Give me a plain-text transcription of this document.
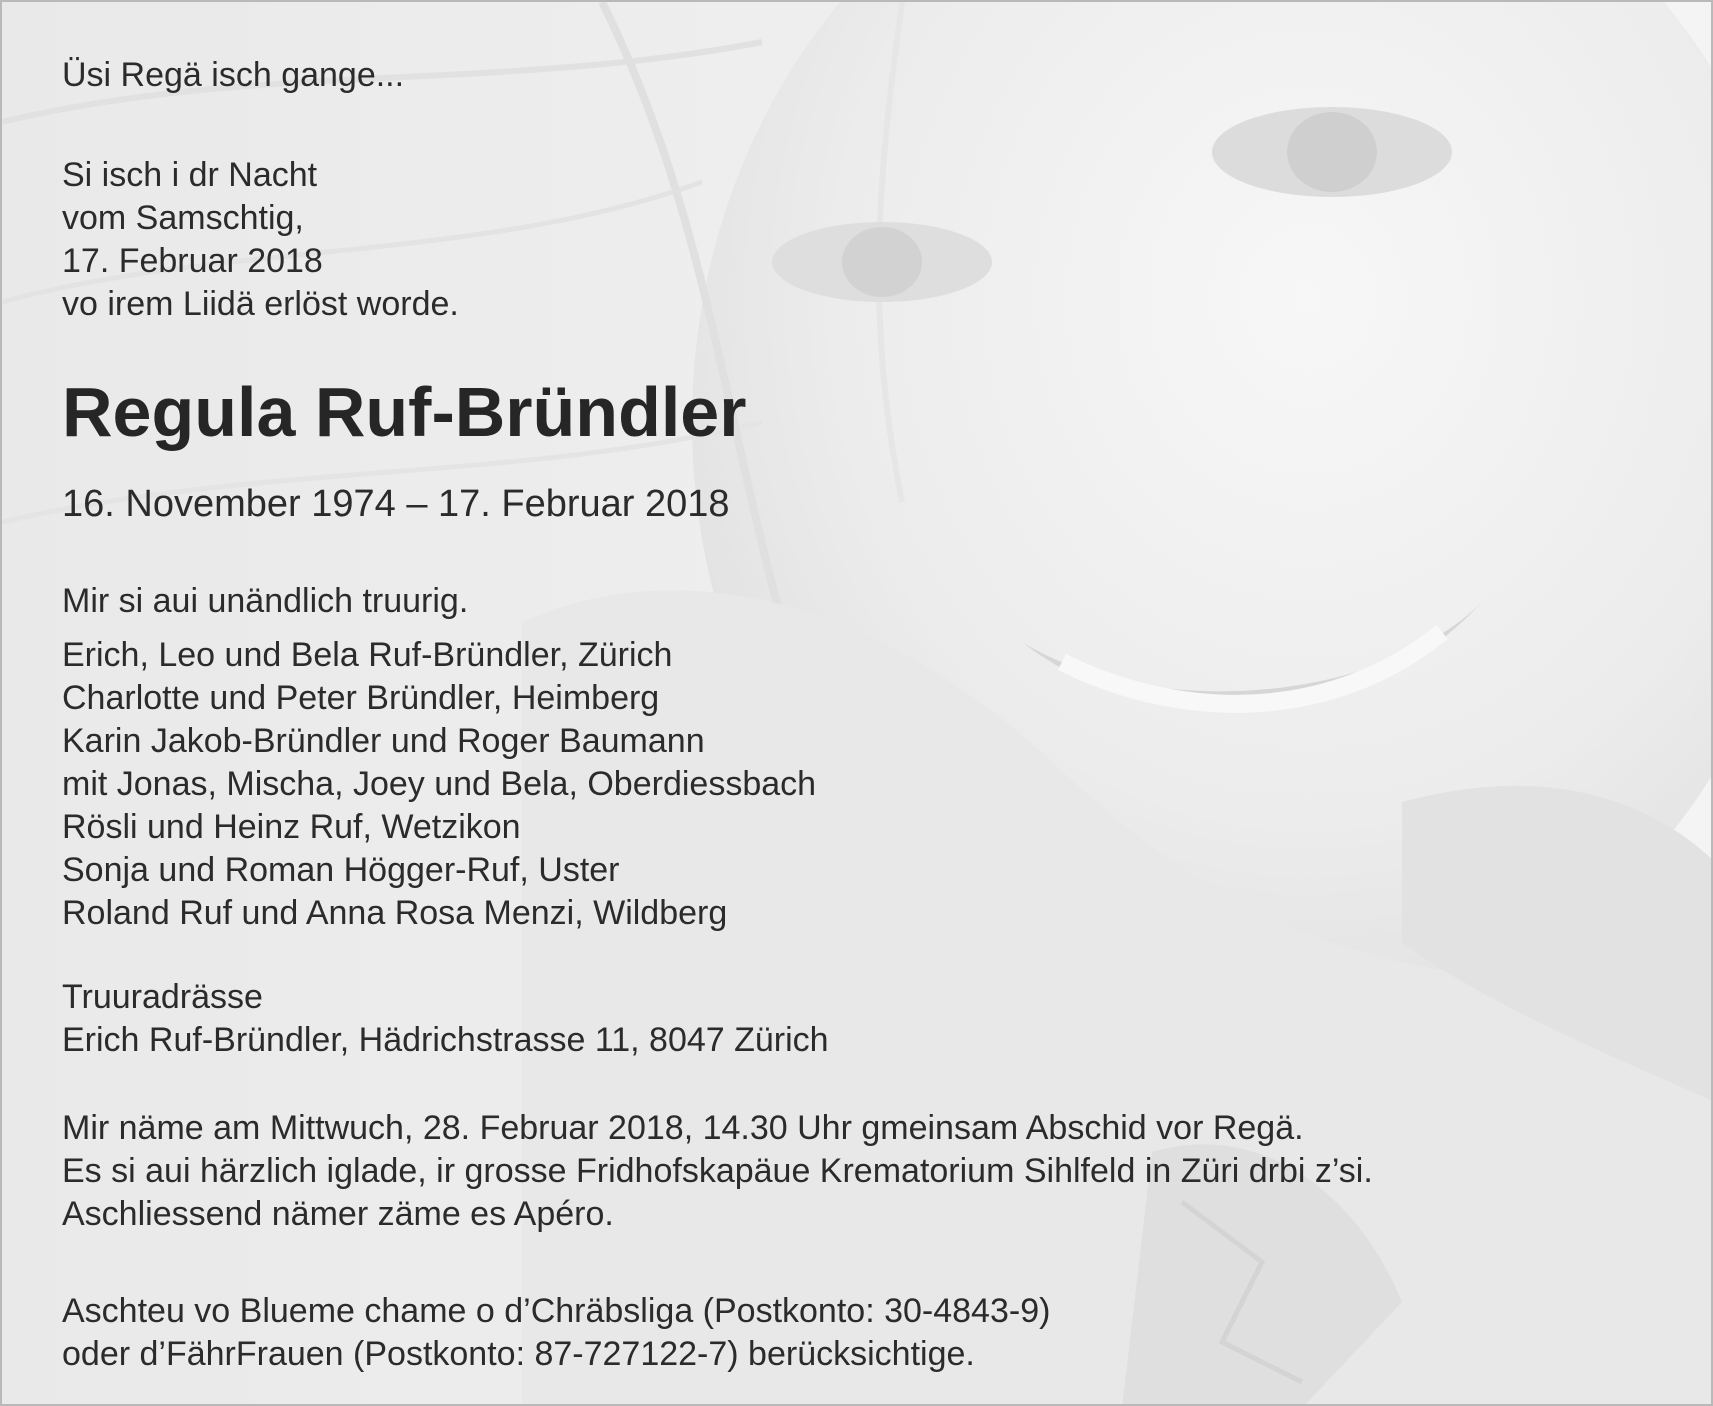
Üsi Regä isch gange...

Si isch i dr Nacht

vom Samschtig,

17. Februar 2018

vo irem Liidä erlöst worde.

Regula Ruf-Bründler

16. November 1974 – 17. Februar 2018

Mir si aui unändlich truurig.

Erich, Leo und Bela Ruf-Bründler, Zürich

Charlotte und Peter Bründler, Heimberg

Karin Jakob-Bründler und Roger Baumann

mit Jonas, Mischa, Joey und Bela, Oberdiessbach

Rösli und Heinz Ruf, Wetzikon

Sonja und Roman Högger-Ruf, Uster

Roland Ruf und Anna Rosa Menzi, Wildberg

Truuradrässe

Erich Ruf-Bründler, Hädrichstrasse 11, 8047 Zürich

Mir näme am Mittwuch, 28. Februar 2018, 14.30 Uhr gmeinsam Abschid vor Regä.

Es si aui härzlich iglade, ir grosse Fridhofskapäue Krematorium Sihlfeld in Züri drbi z’si.

Aschliessend nämer zäme es Apéro.

Aschteu vo Blueme chame o d’Chräbsliga (Postkonto: 30-4843-9)

oder d’FährFrauen (Postkonto: 87-727122-7) berücksichtige.
